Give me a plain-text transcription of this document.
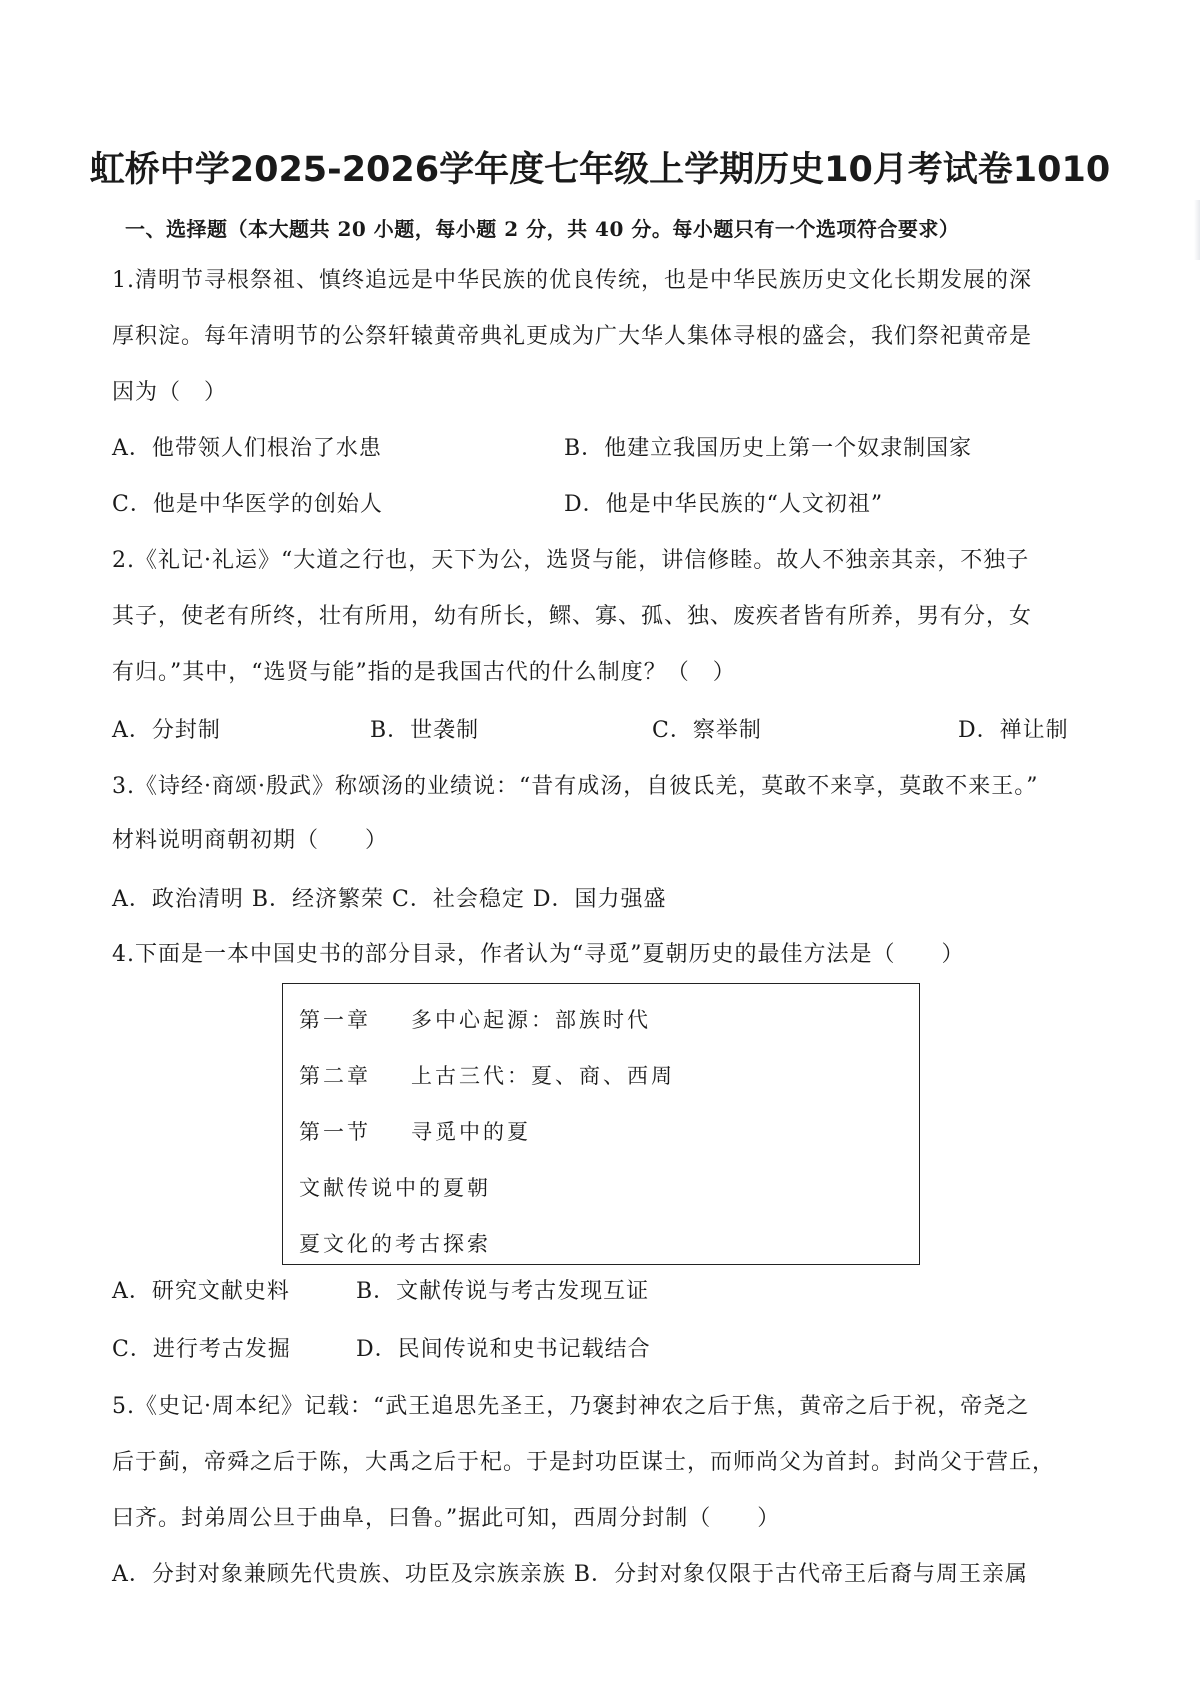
虹桥中学2025-2026学年度七年级上学期历史10月考试卷1010
一、选择题（本大题共 20 小题，每小题 2 分，共 40 分。每小题只有一个选项符合要求）
1.清明节寻根祭祖、慎终追远是中华民族的优良传统，也是中华民族历史文化长期发展的深
厚积淀。每年清明节的公祭轩辕黄帝典礼更成为广大华人集体寻根的盛会，我们祭祀黄帝是
因为（　）
A．他带领人们根治了水患	B．他建立我国历史上第一个奴隶制国家
C．他是中华医学的创始人	D．他是中华民族的“人文初祖”
2.《礼记·礼运》“大道之行也，天下为公，选贤与能，讲信修睦。故人不独亲其亲，不独子
其子，使老有所终，壮有所用，幼有所长，鳏、寡、孤、独、废疾者皆有所养，男有分，女
有归。”其中，“选贤与能”指的是我国古代的什么制度？（　）
A．分封制	B．世袭制	C．察举制	D．禅让制
3.《诗经·商颂·殷武》称颂汤的业绩说：“昔有成汤，自彼氐羌，莫敢不来享，莫敢不来王。”
材料说明商朝初期（　　）
A．政治清明 B．经济繁荣 C．社会稳定 D．国力强盛
4.下面是一本中国史书的部分目录，作者认为“寻觅”夏朝历史的最佳方法是（　　）
第一章 多中心起源：部族时代
第二章 上古三代：夏、商、西周
第一节 寻觅中的夏
文献传说中的夏朝
夏文化的考古探索
A．研究文献史料	B．文献传说与考古发现互证
C．进行考古发掘	D．民间传说和史书记载结合
5.《史记·周本纪》记载：“武王追思先圣王，乃褒封神农之后于焦，黄帝之后于祝，帝尧之
后于蓟，帝舜之后于陈，大禹之后于杞。于是封功臣谋士，而师尚父为首封。封尚父于营丘，
曰齐。封弟周公旦于曲阜，曰鲁。”据此可知，西周分封制（　　）
A．分封对象兼顾先代贵族、功臣及宗族亲族 B．分封对象仅限于古代帝王后裔与周王亲属
